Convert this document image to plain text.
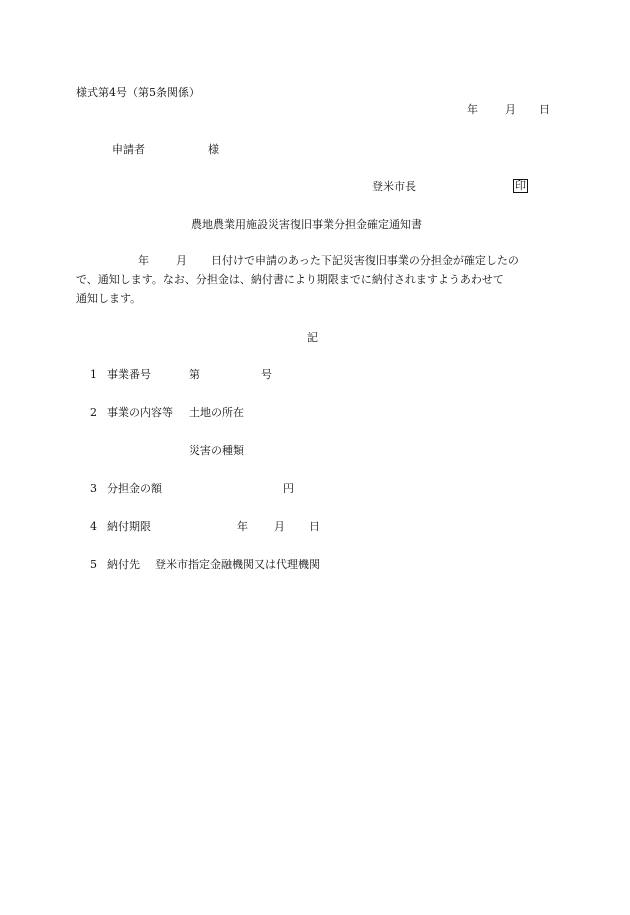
様式第4号（第5条関係）
年 月 日
申請者	様
登米市長	印
農地農業用施設災害復旧事業分担金確定通知書
年 月 日付けで申請のあった下記災害復旧事業の分担金が確定したの
で、通知します。なお、分担金は、納付書により期限までに納付されますようあわせて
通知します。
記
1 事業番号	第	号
2 事業の内容等 土地の所在
災害の種類
3 分担金の額	円
4 納付期限	年 月 日
5 納付先 登米市指定金融機関又は代理機関
